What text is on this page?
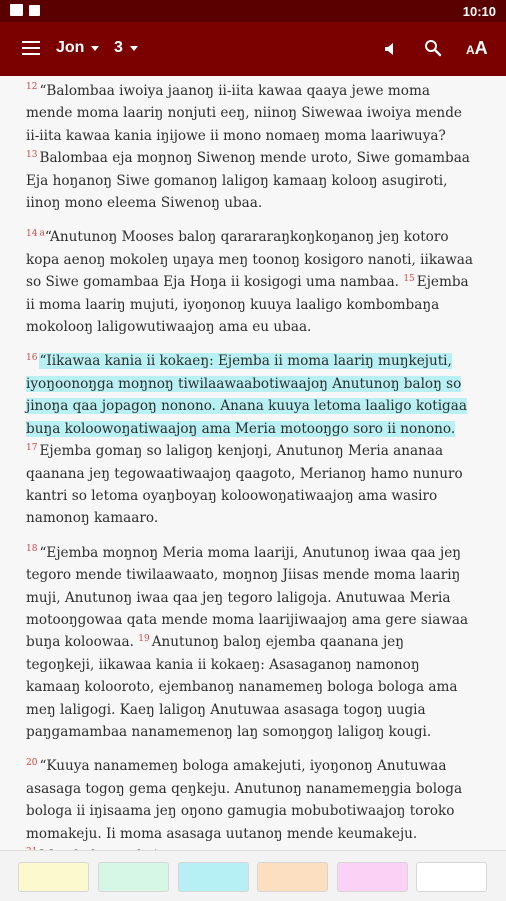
10:10
Jon 3	AA

$^{12}$ “Balombaa iwoiya jaanoŋ ii-iita kawaa qaaya jewe moma mende moma laariŋ nonjuti eeŋ, niinoŋ Siwewaa iwoiya mende ii-iita kawaa kania iŋijowe ii mono nomaeŋ moma laariwuya? $^{13}$ Balombaa eja moŋnoŋ Siwenoŋ mende uroto, Siwe gomambaa Eja hoŋanoŋ Siwe gomanoŋ laligoŋ kamaaŋ kolooŋ asugiroti, iinoŋ mono eleema Siwenoŋ ubaa.

$^{14}$ $^a$“Anutunoŋ Mooses baloŋ qarararaŋkoŋkoŋanoŋ jeŋ kotoro kopa aenoŋ mokoleŋ uŋaya meŋ toonoŋ kosigoro nanoti, iikawaa so Siwe gomambaa Eja Hoŋa ii kosigogi uma nambaa. $^{15}$ Ejemba ii moma laariŋ mujuti, iyoŋonoŋ kuuya laaligo kombombaŋa mokolooŋ laligowutiwaajoŋ ama eu ubaa.

$^{16}$ “Iikawaa kania ii kokaeŋ: Ejemba ii moma laariŋ muŋkejuti, iyoŋoonoŋga moŋnoŋ tiwilaawaabotiwaajoŋ Anutunoŋ baloŋ so jinoŋa qaa jopagoŋ nonono. Anana kuuya letoma laaligo kotigaa buŋa koloowoŋatiwaajoŋ ama Meria motooŋgo soro ii nonono. $^{17}$ Ejemba gomaŋ so laligoŋ kenjoŋi, Anutunoŋ Meria ananaa qaanana jeŋ tegowaatiwaajoŋ qaagoto, Merianoŋ hamo nunuro kantri so letoma oyaŋboyaŋ koloowoŋatiwaajoŋ ama wasiro namonoŋ kamaaro.

$^{18}$ “Ejemba moŋnoŋ Meria moma laariji, Anutunoŋ iwaa qaa jeŋ tegoro mende tiwilaawaato, moŋnoŋ Jiisas mende moma laariŋ muji, Anutunoŋ iwaa qaa jeŋ tegoro laligoja. Anutuwaa Meria motooŋgowaa qata mende moma laarijiwaajoŋ ama gere siawaa buŋa koloowaa. $^{19}$ Anutunoŋ baloŋ ejemba qaanana jeŋ tegoŋkeji, iikawaa kania ii kokaeŋ: Asasaganoŋ namonoŋ kamaaŋ koloorotо, ejembanoŋ nanamemeŋ bologa bologa ama meŋ laligogi. Kaeŋ laligoŋ Anutuwaa asasaga togoŋ uugia paŋgamambaa nanamemenoŋ laŋ somoŋgoŋ laligoŋ kougi.

$^{20}$ “Kuuya nanamemeŋ bologa amakejuti, iyoŋonoŋ Anutuwaa asasaga togoŋ gema qeŋkeju. Anutunoŋ nanamemeŋgia bologa bologa ii iŋisaama jeŋ oŋono gamugia mobubotiwaajoŋ toroko momakeju. Ii moma asasaga uutanoŋ mende keumakeju.
